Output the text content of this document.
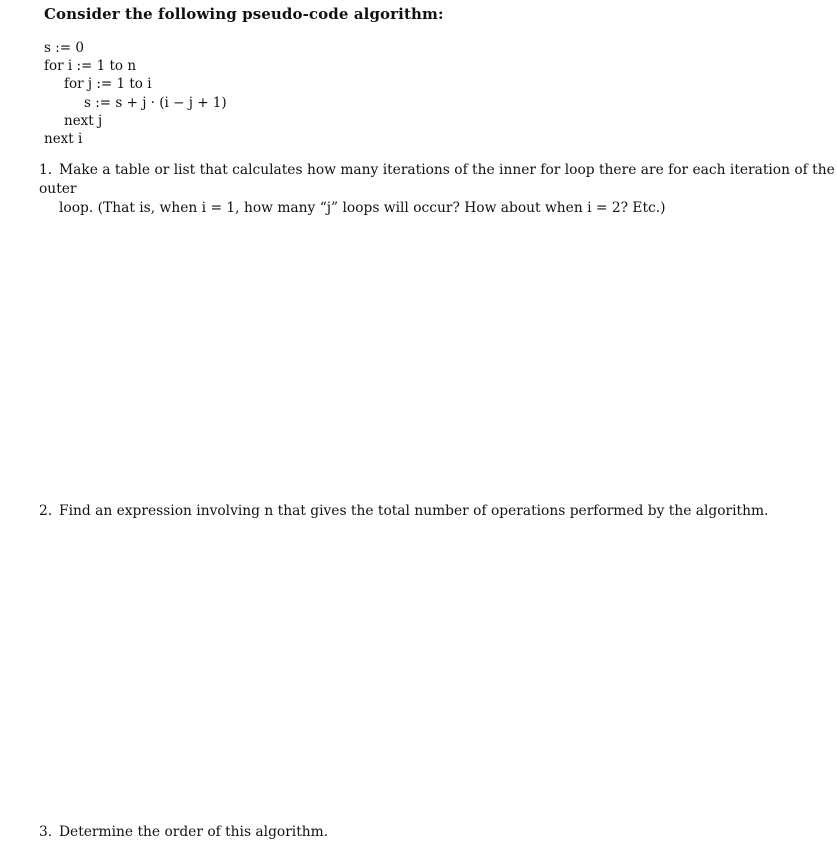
Consider the following pseudo-code algorithm:
s := 0
for i := 1 to n
for j := 1 to i
s := s + j · (i − j + 1)
next j
next i
1. Make a table or list that calculates how many iterations of the inner for loop there are for each iteration of the outer
loop. (That is, when i = 1, how many “j” loops will occur? How about when i = 2? Etc.)
2. Find an expression involving n that gives the total number of operations performed by the algorithm.
3. Determine the order of this algorithm.
